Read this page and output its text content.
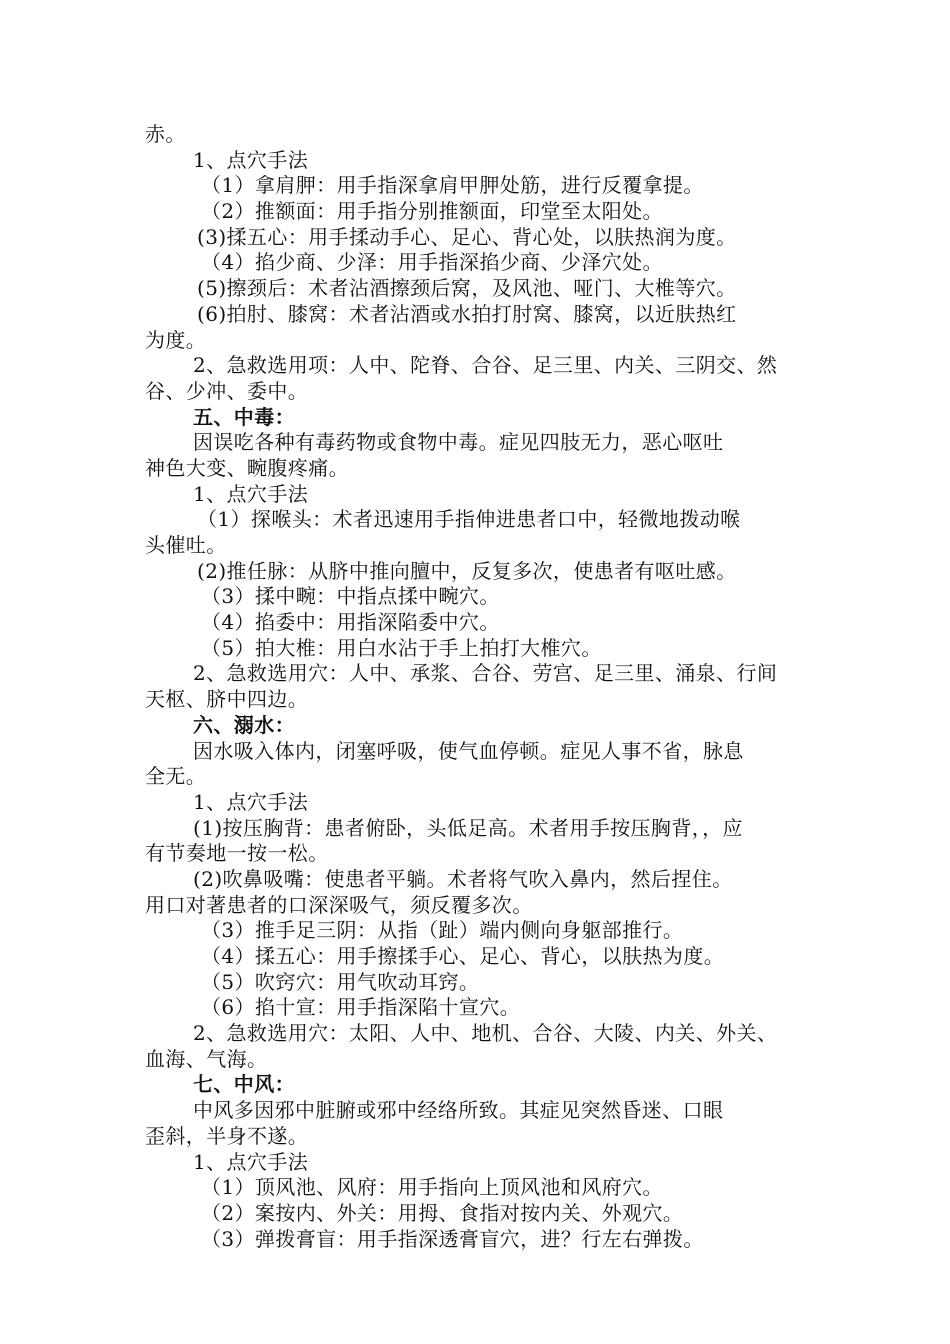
赤。
1、点穴手法
（1）拿肩胛：用手指深拿肩甲胛处筋，进行反覆拿提。
（2）推额面：用手指分别推额面，印堂至太阳处。
(3)揉五心：用手揉动手心、足心、背心处，以肤热润为度。
（4）掐少商、少泽：用手指深掐少商、少泽穴处。
(5)擦颈后：术者沾酒擦颈后窝，及风池、哑门、大椎等穴。
(6)拍肘、膝窝：术者沾酒或水拍打肘窝、膝窝，以近肤热红
为度。
2、急救选用项：人中、陀脊、合谷、足三里、内关、三阴交、然
谷、少冲、委中。
五、中毒：
因误吃各种有毒药物或食物中毒。症见四肢无力，恶心呕吐
神色大变、畹腹疼痛。
1、点穴手法
（1）探喉头：术者迅速用手指伸进患者口中，轻微地拨动喉
头催吐。
(2)推任脉：从脐中推向膻中，反复多次，使患者有呕吐感。
（3）揉中畹：中指点揉中畹穴。
（4）掐委中：用指深陷委中穴。
（5）拍大椎：用白水沾于手上拍打大椎穴。
2、急救选用穴：人中、承浆、合谷、劳宫、足三里、涌泉、行间
天枢、脐中四边。
六、溺水：
因水吸入体内，闭塞呼吸，使气血停顿。症见人事不省，脉息
全无。
1、点穴手法
(1)按压胸背：患者俯卧，头低足高。术者用手按压胸背，，应
有节奏地一按一松。
(2)吹鼻吸嘴：使患者平躺。术者将气吹入鼻内，然后捏住。
用口对著患者的口深深吸气，须反覆多次。
（3）推手足三阴：从指（趾）端内侧向身躯部推行。
（4）揉五心：用手擦揉手心、足心、背心，以肤热为度。
（5）吹窍穴：用气吹动耳窍。
（6）掐十宣：用手指深陷十宣穴。
2、急救选用穴：太阳、人中、地机、合谷、大陵、内关、外关、
血海、气海。
七、中风：
中风多因邪中脏腑或邪中经络所致。其症见突然昏迷、口眼
歪斜，半身不遂。
1、点穴手法
（1）顶风池、风府：用手指向上顶风池和风府穴。
（2）案按内、外关：用拇、食指对按内关、外观穴。
（3）弹拨膏盲：用手指深透膏盲穴，进？行左右弹拨。
